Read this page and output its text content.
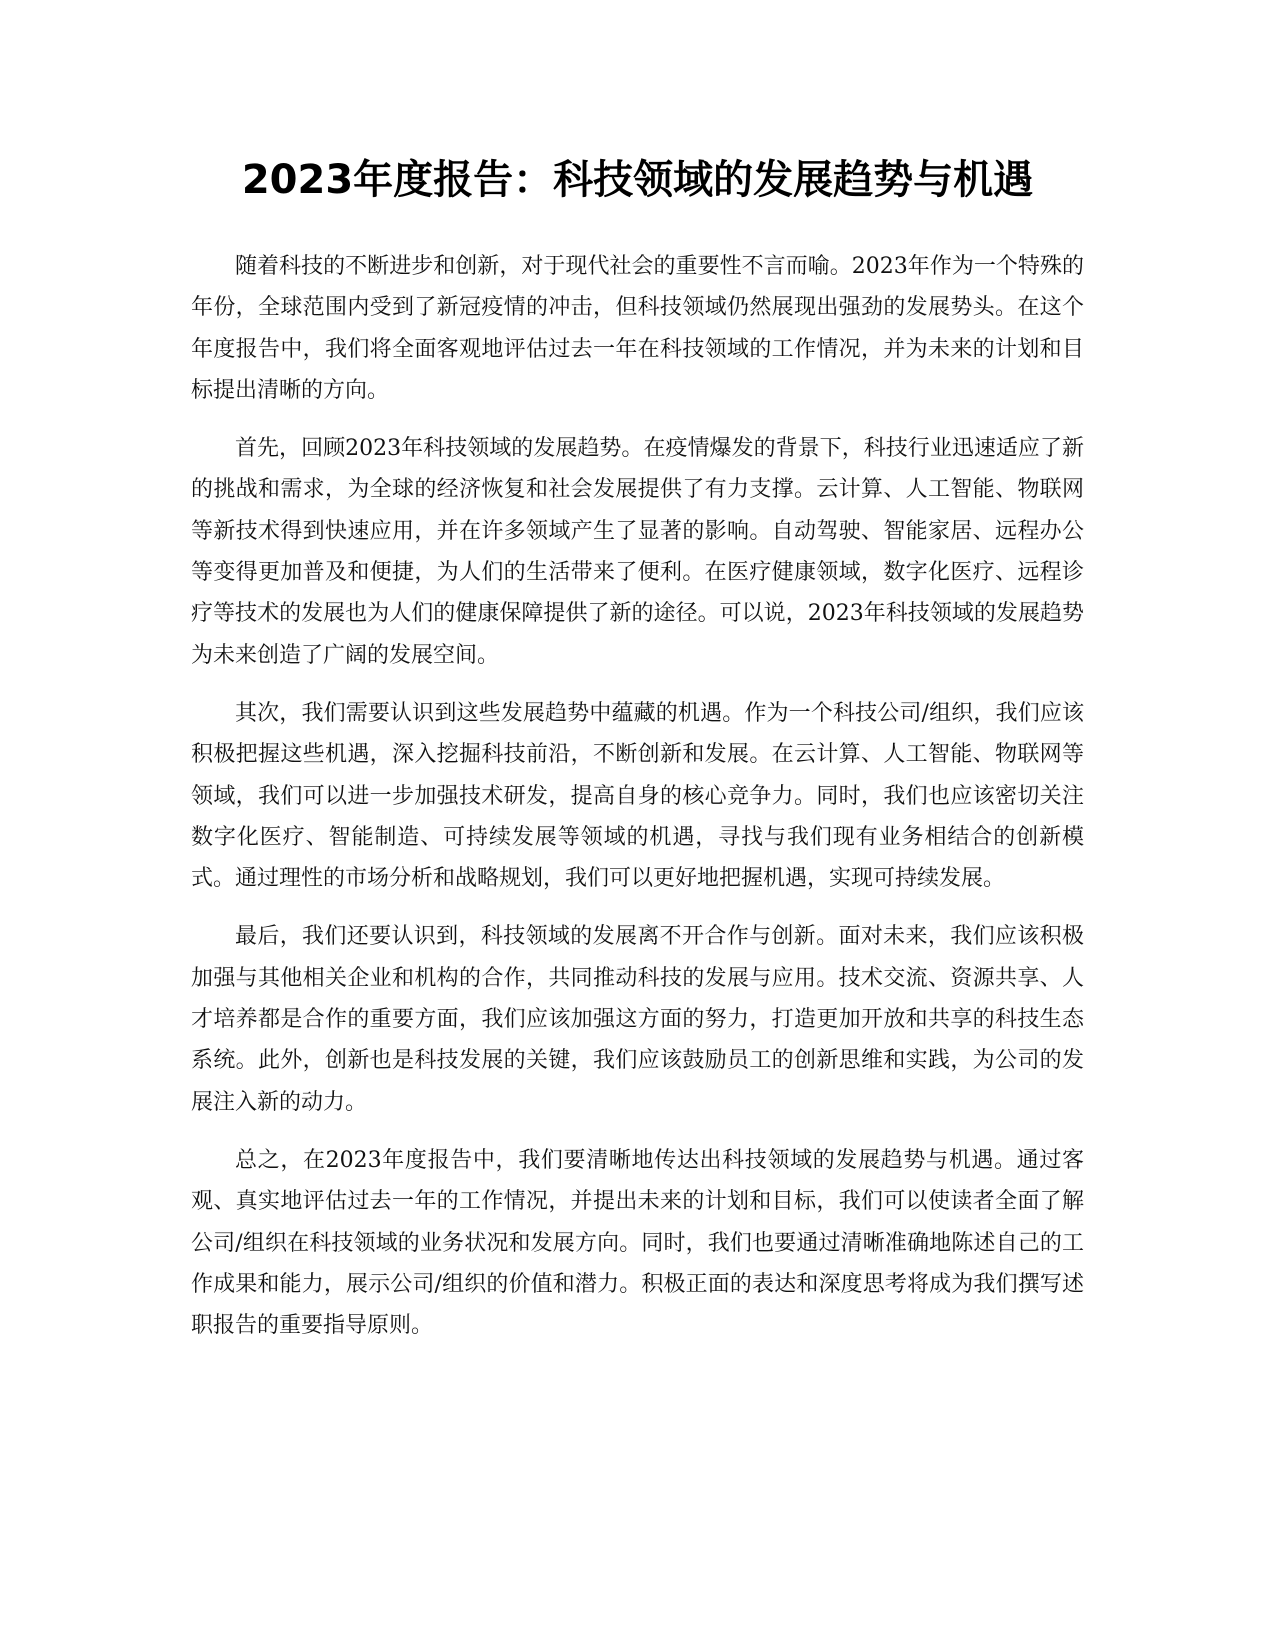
2023年度报告：科技领域的发展趋势与机遇

随着科技的不断进步和创新，对于现代社会的重要性不言而喻。2023年作为一个特殊的年份，全球范围内受到了新冠疫情的冲击，但科技领域仍然展现出强劲的发展势头。在这个年度报告中，我们将全面客观地评估过去一年在科技领域的工作情况，并为未来的计划和目标提出清晰的方向。

首先，回顾2023年科技领域的发展趋势。在疫情爆发的背景下，科技行业迅速适应了新的挑战和需求，为全球的经济恢复和社会发展提供了有力支撑。云计算、人工智能、物联网等新技术得到快速应用，并在许多领域产生了显著的影响。自动驾驶、智能家居、远程办公等变得更加普及和便捷，为人们的生活带来了便利。在医疗健康领域，数字化医疗、远程诊疗等技术的发展也为人们的健康保障提供了新的途径。可以说，2023年科技领域的发展趋势为未来创造了广阔的发展空间。

其次，我们需要认识到这些发展趋势中蕴藏的机遇。作为一个科技公司/组织，我们应该积极把握这些机遇，深入挖掘科技前沿，不断创新和发展。在云计算、人工智能、物联网等领域，我们可以进一步加强技术研发，提高自身的核心竞争力。同时，我们也应该密切关注数字化医疗、智能制造、可持续发展等领域的机遇，寻找与我们现有业务相结合的创新模式。通过理性的市场分析和战略规划，我们可以更好地把握机遇，实现可持续发展。

最后，我们还要认识到，科技领域的发展离不开合作与创新。面对未来，我们应该积极加强与其他相关企业和机构的合作，共同推动科技的发展与应用。技术交流、资源共享、人才培养都是合作的重要方面，我们应该加强这方面的努力，打造更加开放和共享的科技生态系统。此外，创新也是科技发展的关键，我们应该鼓励员工的创新思维和实践，为公司的发展注入新的动力。

总之，在2023年度报告中，我们要清晰地传达出科技领域的发展趋势与机遇。通过客观、真实地评估过去一年的工作情况，并提出未来的计划和目标，我们可以使读者全面了解公司/组织在科技领域的业务状况和发展方向。同时，我们也要通过清晰准确地陈述自己的工作成果和能力，展示公司/组织的价值和潜力。积极正面的表达和深度思考将成为我们撰写述职报告的重要指导原则。
